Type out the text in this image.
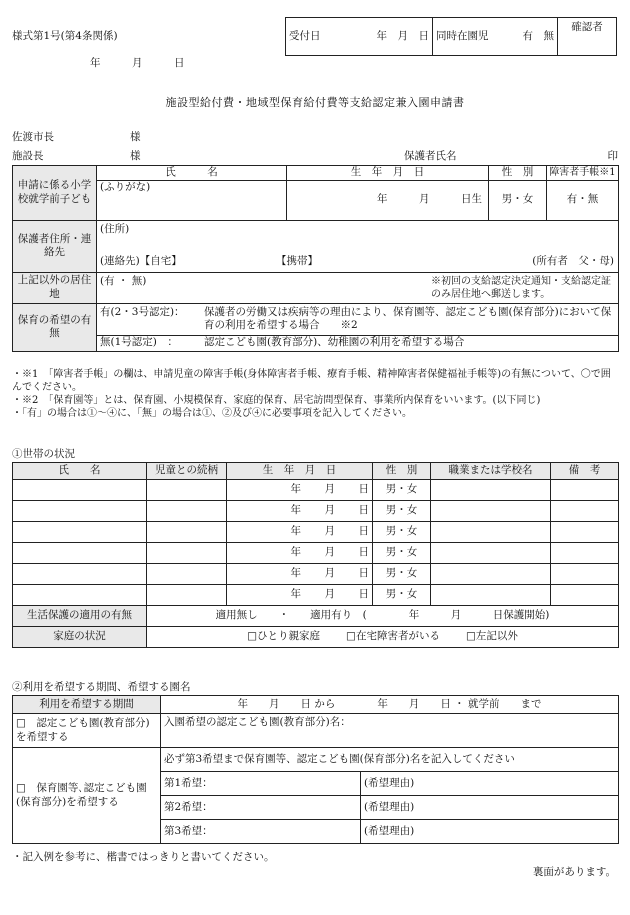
様式第1号(第4条関係)
年　　　月　　　日
受付日	年　月　日	同時在園児	有　無
	確認者
施設型給付費・地域型保育給付費等支給認定兼入園申請書
佐渡市長	様
施設長	様	保護者氏名	印
申請に係る小学校就学前子ども	氏　　　名	生　年　月　日	性　別	障害者手帳※1
	(ふりがな)	年　　　月　　　日生	男・女	有・無
保護者住所・連絡先	(住所)
(連絡先)【自宅】 【携帯】 (所有者　父・母)			

上記以外の居住地	(有 ・ 無) ※初回の支給認定決定通知・支給認定証のみ居住地へ郵送します。			

保育の希望の有無	有(2・3号認定)： 保護者の労働又は疾病等の理由により、保育園等、認定こども園(保育部分)において保育の利用を希望する場合　　※2			

	無(1号認定)　： 認定こども園(教育部分)、幼稚園の利用を希望する場合			

・※1　「障害者手帳」の欄は、申請児童の障害手帳(身体障害者手帳、療育手帳、精神障害者保健福祉手帳等)の有無について、〇で囲んでください。

・※2　「保育園等」とは、保育園、小規模保育、家庭的保育、居宅訪問型保育、事業所内保育をいいます。(以下同じ)

・「有」の場合は①～④に、「無」の場合は①、②及び④に必要事項を記入してください。

①世帯の状況
氏　　名	児童との続柄	生　年　月　日	性　別	職業または学校名	備　考

		年 月 日	男・女		

		年 月 日	男・女		

		年 月 日	男・女		

		年 月 日	男・女		

		年 月 日	男・女		

		年 月 日	男・女		
生活保護の適用の有無	適用無し　　・　　適用有り　(　　　　年　　　月　　　日保護開始)				
家庭の状況	□ひとり親家庭 □在宅障害者がいる □左記以外				
②利用を希望する期間、希望する園名
利用を希望する期間	年　　月　　日 から　　　　年　　月　　日 ・ 就学前　　まで	
□　認定こども園(教育部分)を希望する	入園希望の認定こども園(教育部分)名：	
□　保育園等､認定こども園(保育部分)を希望する	必ず第3希望まで保育園等、認定こども園(保育部分)名を記入してください	
	第1希望：	(希望理由)
	第2希望：	(希望理由)
	第3希望：	(希望理由)
・記入例を参考に、楷書ではっきりと書いてください。
裏面があります。
